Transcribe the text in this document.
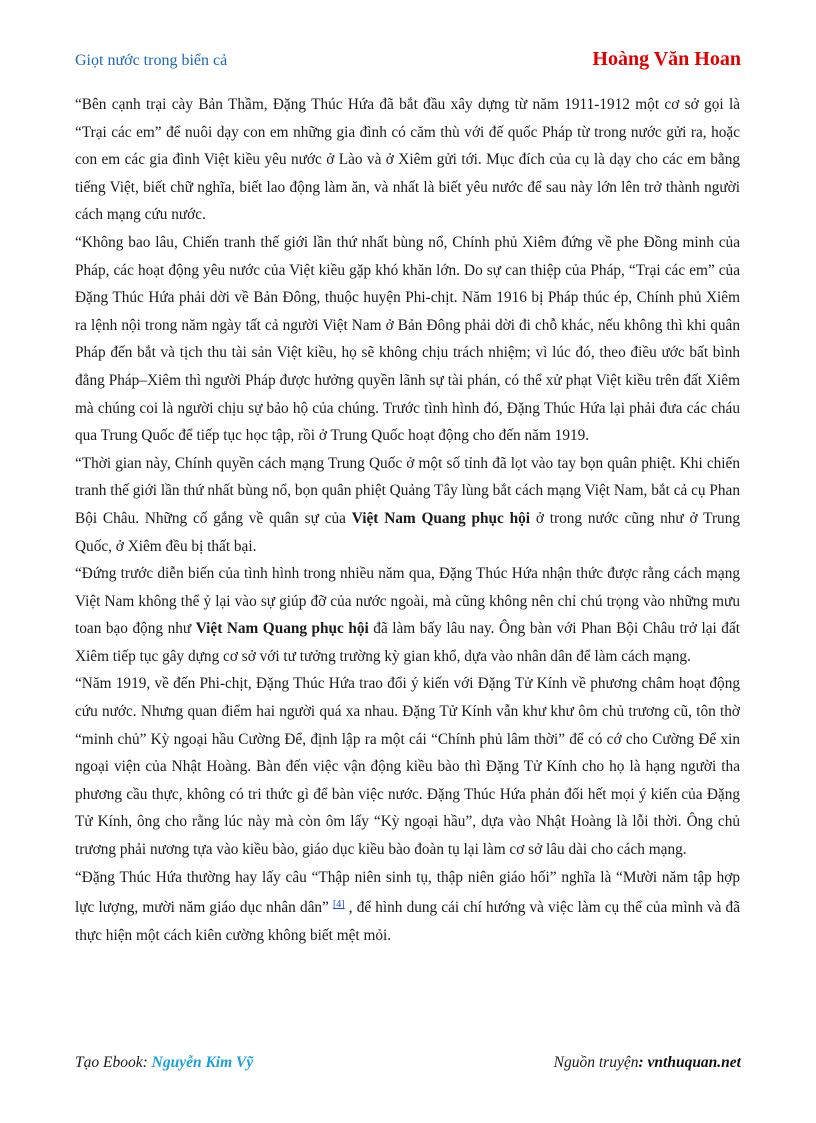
Giọt nước trong biển cả	Hoàng Văn Hoan

“Bên cạnh trại cày Bản Thầm, Đặng Thúc Hứa đã bắt đầu xây dựng từ năm 1911-1912 một cơ sở gọi là “Trại các em” để nuôi dạy con em những gia đình có căm thù với đế quốc Pháp từ trong nước gửi ra, hoặc con em các gia đình Việt kiều yêu nước ở Lào và ở Xiêm gửi tới. Mục đích của cụ là dạy cho các em bằng tiếng Việt, biết chữ nghĩa, biết lao động làm ăn, và nhất là biết yêu nước để sau này lớn lên trở thành người cách mạng cứu nước.

“Không bao lâu, Chiến tranh thế giới lần thứ nhất bùng nổ, Chính phủ Xiêm đứng về phe Đồng minh của Pháp, các hoạt động yêu nước của Việt kiều gặp khó khăn lớn. Do sự can thiệp của Pháp, “Trại các em” của Đặng Thúc Hứa phải dời về Bản Đông, thuộc huyện Phi-chịt. Năm 1916 bị Pháp thúc ép, Chính phủ Xiêm ra lệnh nội trong năm ngày tất cả người Việt Nam ở Bản Đông phải dời đi chỗ khác, nếu không thì khi quân Pháp đến bắt và tịch thu tài sản Việt kiều, họ sẽ không chịu trách nhiệm; vì lúc đó, theo điều ước bất bình đẳng Pháp–Xiêm thì người Pháp được hưởng quyền lãnh sự tài phán, có thể xử phạt Việt kiều trên đất Xiêm mà chúng coi là người chịu sự bảo hộ của chúng. Trước tình hình đó, Đặng Thúc Hứa lại phải đưa các cháu qua Trung Quốc để tiếp tục học tập, rồi ở Trung Quốc hoạt động cho đến năm 1919.

“Thời gian này, Chính quyền cách mạng Trung Quốc ở một số tỉnh đã lọt vào tay bọn quân phiệt. Khi chiến tranh thế giới lần thứ nhất bùng nổ, bọn quân phiệt Quảng Tây lùng bắt cách mạng Việt Nam, bắt cả cụ Phan Bội Châu. Những cố gắng về quân sự của Việt Nam Quang phục hội ở trong nước cũng như ở Trung Quốc, ở Xiêm đều bị thất bại.

“Đứng trước diễn biến của tình hình trong nhiều năm qua, Đặng Thúc Hứa nhận thức được rằng cách mạng Việt Nam không thể ỷ lại vào sự giúp đỡ của nước ngoài, mà cũng không nên chỉ chú trọng vào những mưu toan bạo động như Việt Nam Quang phục hội đã làm bấy lâu nay. Ông bàn với Phan Bội Châu trở lại đất Xiêm tiếp tục gây dựng cơ sở với tư tưởng trường kỳ gian khổ, dựa vào nhân dân để làm cách mạng.

“Năm 1919, về đến Phi-chịt, Đặng Thúc Hứa trao đổi ý kiến với Đặng Tử Kính về phương châm hoạt động cứu nước. Nhưng quan điểm hai người quá xa nhau. Đặng Tử Kính vẫn khư khư ôm chủ trương cũ, tôn thờ “minh chủ” Kỳ ngoại hầu Cường Để, định lập ra một cái “Chính phủ lâm thời” để có cớ cho Cường Để xin ngoại viện của Nhật Hoàng. Bàn đến việc vận động kiều bào thì Đặng Tử Kính cho họ là hạng người tha phương cầu thực, không có tri thức gì để bàn việc nước. Đặng Thúc Hứa phản đối hết mọi ý kiến của Đặng Tử Kính, ông cho rằng lúc này mà còn ôm lấy “Kỳ ngoại hầu”, dựa vào Nhật Hoàng là lỗi thời. Ông chủ trương phải nương tựa vào kiều bào, giáo dục kiều bào đoàn tụ lại làm cơ sở lâu dài cho cách mạng.

“Đặng Thúc Hứa thường hay lấy câu “Thập niên sinh tụ, thập niên giáo hối” nghĩa là “Mười năm tập hợp lực lượng, mười năm giáo dục nhân dân” [4] , để hình dung cái chí hướng và việc làm cụ thể của mình và đã thực hiện một cách kiên cường không biết mệt mỏi.

Tạo Ebook: Nguyễn Kim Vỹ	Nguồn truyện: vnthuquan.net
